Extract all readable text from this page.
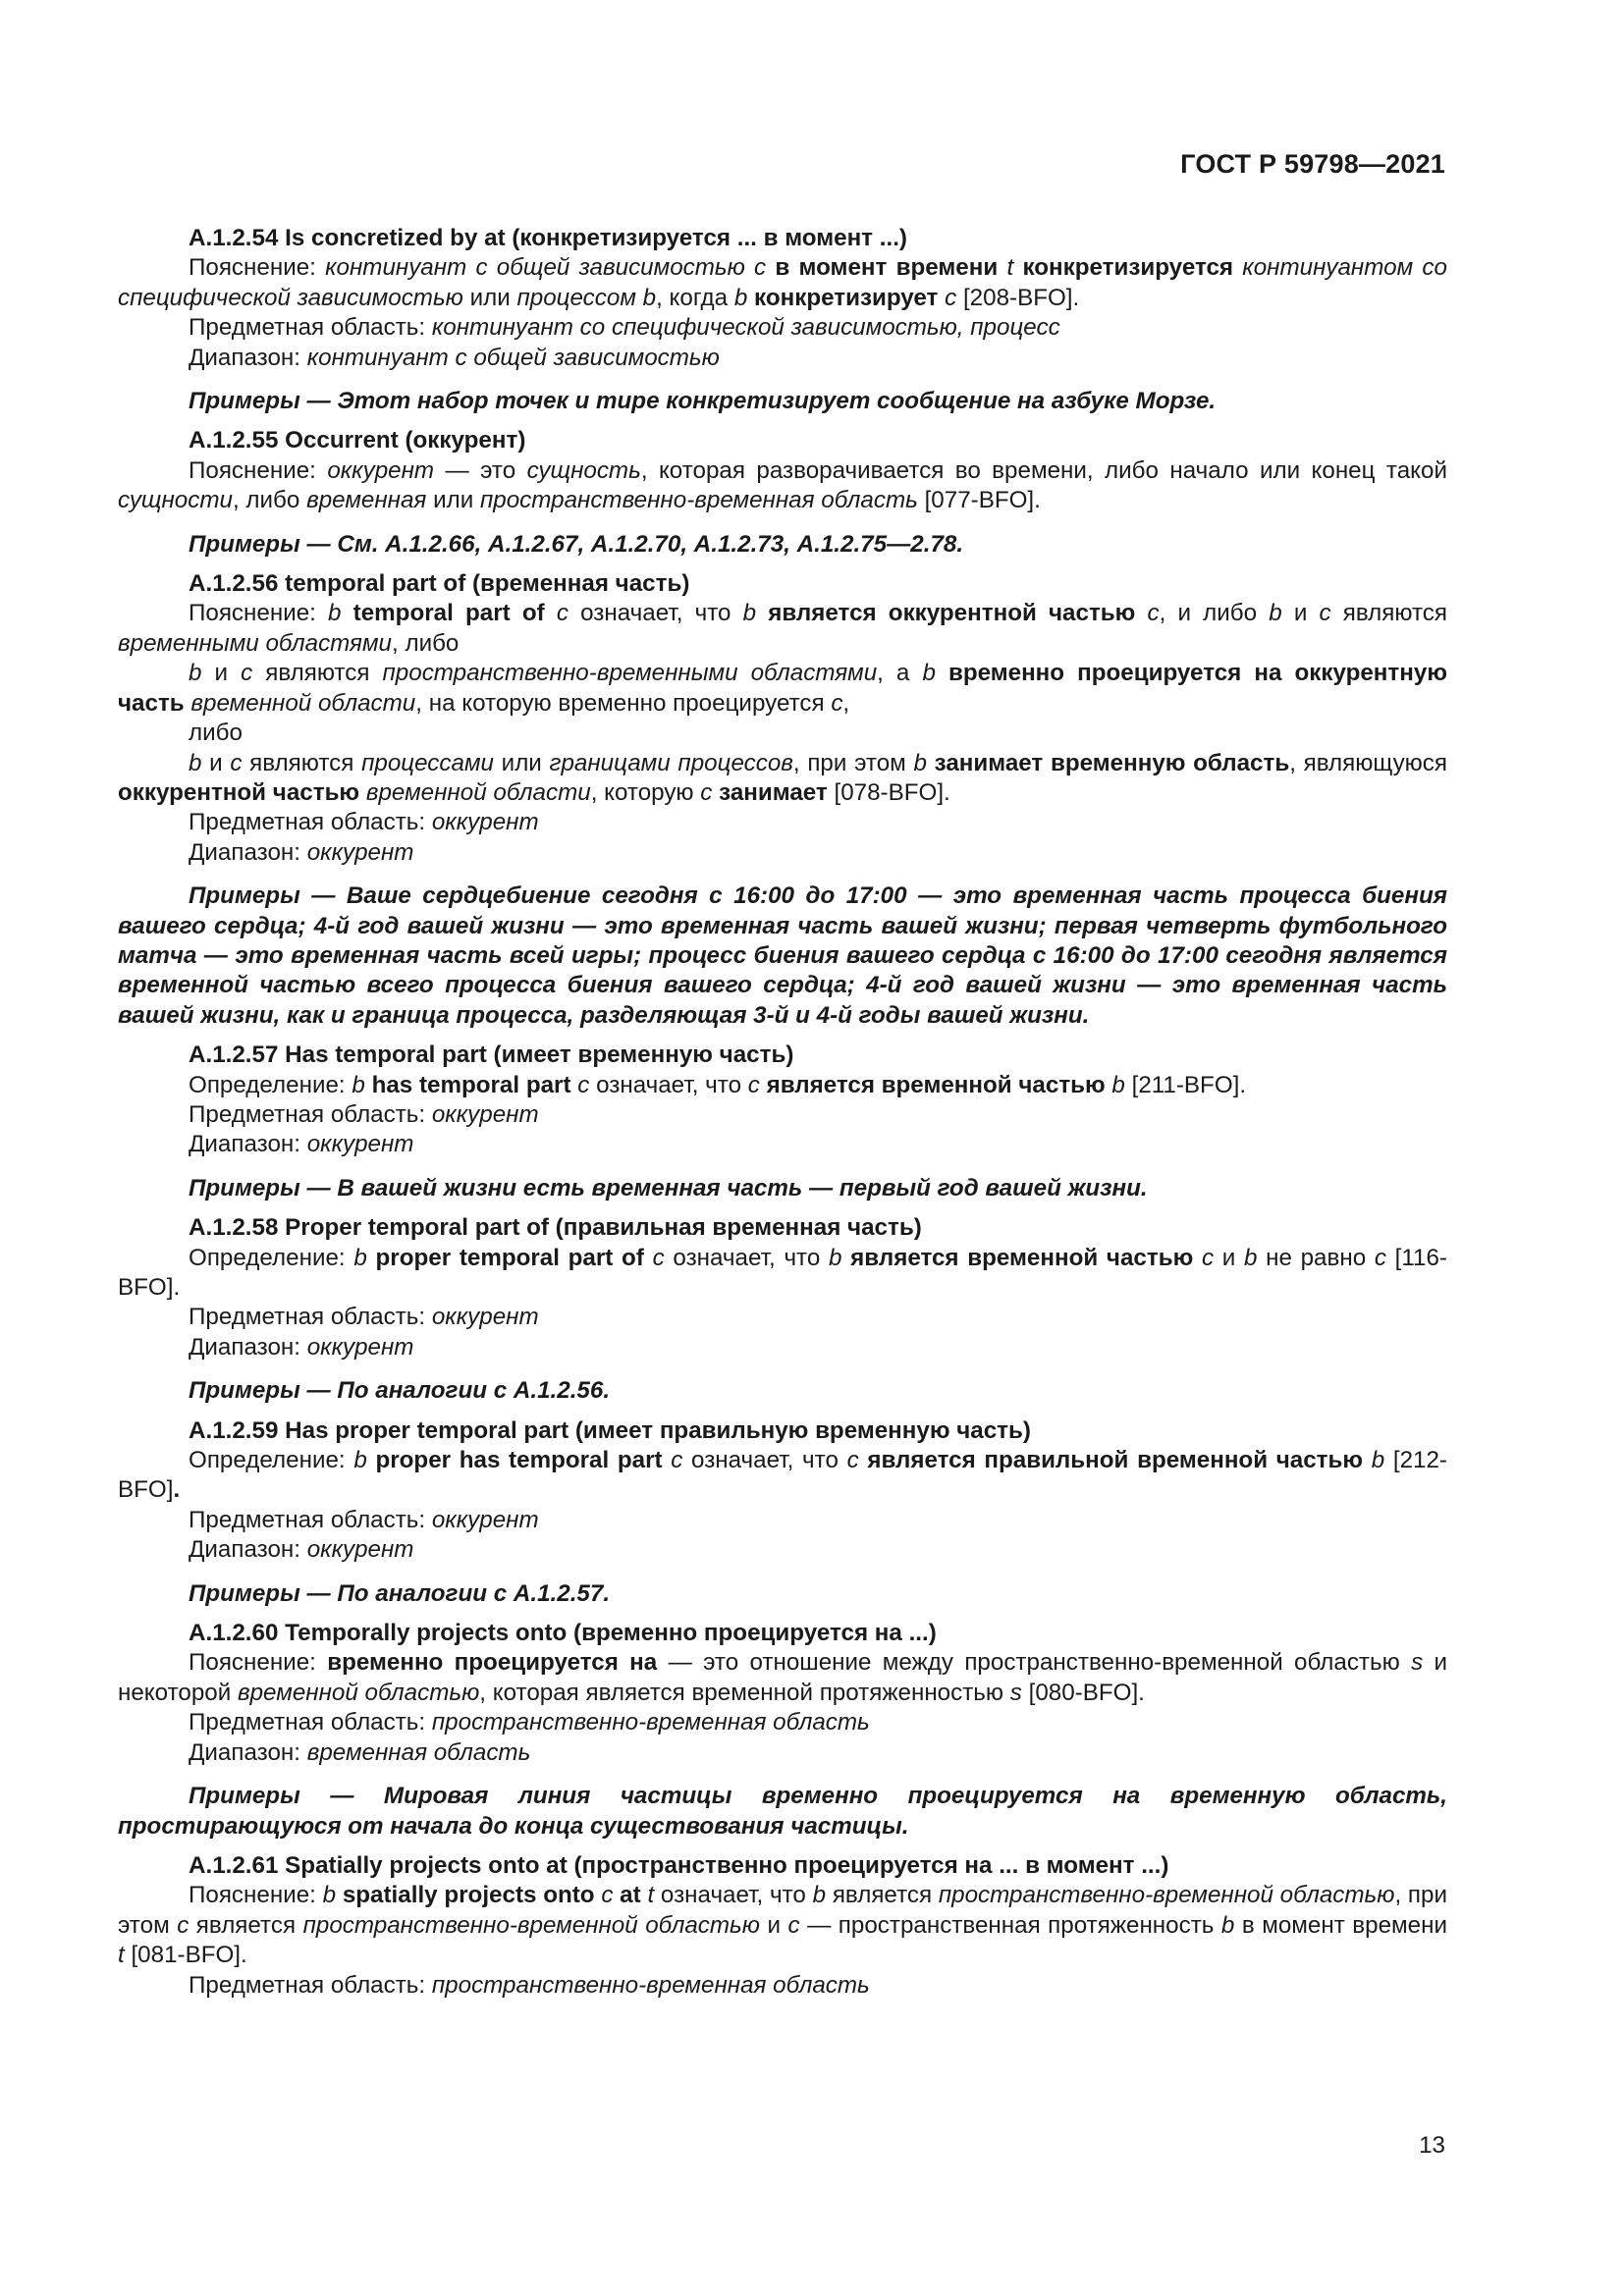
ГОСТ Р 59798—2021

A.1.2.54 Is concretized by at (конкретизируется ... в момент ...)

Пояснение: континуант с общей зависимостью с в момент времени t конкретизируется континуантом со специфической зависимостью или процессом b, когда b конкретизирует с [208-BFO].

Предметная область: континуант со специфической зависимостью, процесс

Диапазон: континуант с общей зависимостью

Примеры — Этот набор точек и тире конкретизирует сообщение на азбуке Морзе.

A.1.2.55 Occurrent (оккурент)

Пояснение: оккурент — это сущность, которая разворачивается во времени, либо начало или конец такой сущности, либо временная или пространственно-временная область [077-BFO].

Примеры — См. А.1.2.66, А.1.2.67, А.1.2.70, А.1.2.73, А.1.2.75—2.78.

A.1.2.56 temporal part of (временная часть)

Пояснение: b temporal part of c означает, что b является оккурентной частью с, и либо b и с являются временными областями, либо

b и с являются пространственно-временными областями, а b временно проецируется на оккурентную часть временной области, на которую временно проецируется с,

либо

b и с являются процессами или границами процессов, при этом b занимает временную область, являющуюся оккурентной частью временной области, которую с занимает [078-BFO].

Предметная область: оккурент

Диапазон: оккурент

Примеры — Ваше сердцебиение сегодня с 16:00 до 17:00 — это временная часть процесса биения вашего сердца; 4-й год вашей жизни — это временная часть вашей жизни; первая четверть футбольного матча — это временная часть всей игры; процесс биения вашего сердца с 16:00 до 17:00 сегодня является временной частью всего процесса биения вашего сердца; 4-й год вашей жизни — это временная часть вашей жизни, как и граница процесса, разделяющая 3-й и 4-й годы вашей жизни.

A.1.2.57 Has temporal part (имеет временную часть)

Определение: b has temporal part с означает, что с является временной частью b [211-BFO].

Предметная область: оккурент

Диапазон: оккурент

Примеры — В вашей жизни есть временная часть — первый год вашей жизни.

A.1.2.58 Proper temporal part of (правильная временная часть)

Определение: b proper temporal part of с означает, что b является временной частью с и b не равно с [116-BFO].

Предметная область: оккурент

Диапазон: оккурент

Примеры — По аналогии с А.1.2.56.

A.1.2.59 Has proper temporal part (имеет правильную временную часть)

Определение: b proper has temporal part с означает, что с является правильной временной частью b [212-BFO].

Предметная область: оккурент

Диапазон: оккурент

Примеры — По аналогии с А.1.2.57.

A.1.2.60 Temporally projects onto (временно проецируется на ...)

Пояснение: временно проецируется на — это отношение между пространственно-временной областью s и некоторой временной областью, которая является временной протяженностью s [080-BFO].

Предметная область: пространственно-временная область

Диапазон: временная область

Примеры — Мировая линия частицы временно проецируется на временную область, простирающуюся от начала до конца существования частицы.

A.1.2.61 Spatially projects onto at (пространственно проецируется на ... в момент ...)

Пояснение: b spatially projects onto с at t означает, что b является пространственно-временной областью, при этом с является пространственно-временной областью и с — пространственная протяженность b в момент времени t [081-BFO].

Предметная область: пространственно-временная область

13
